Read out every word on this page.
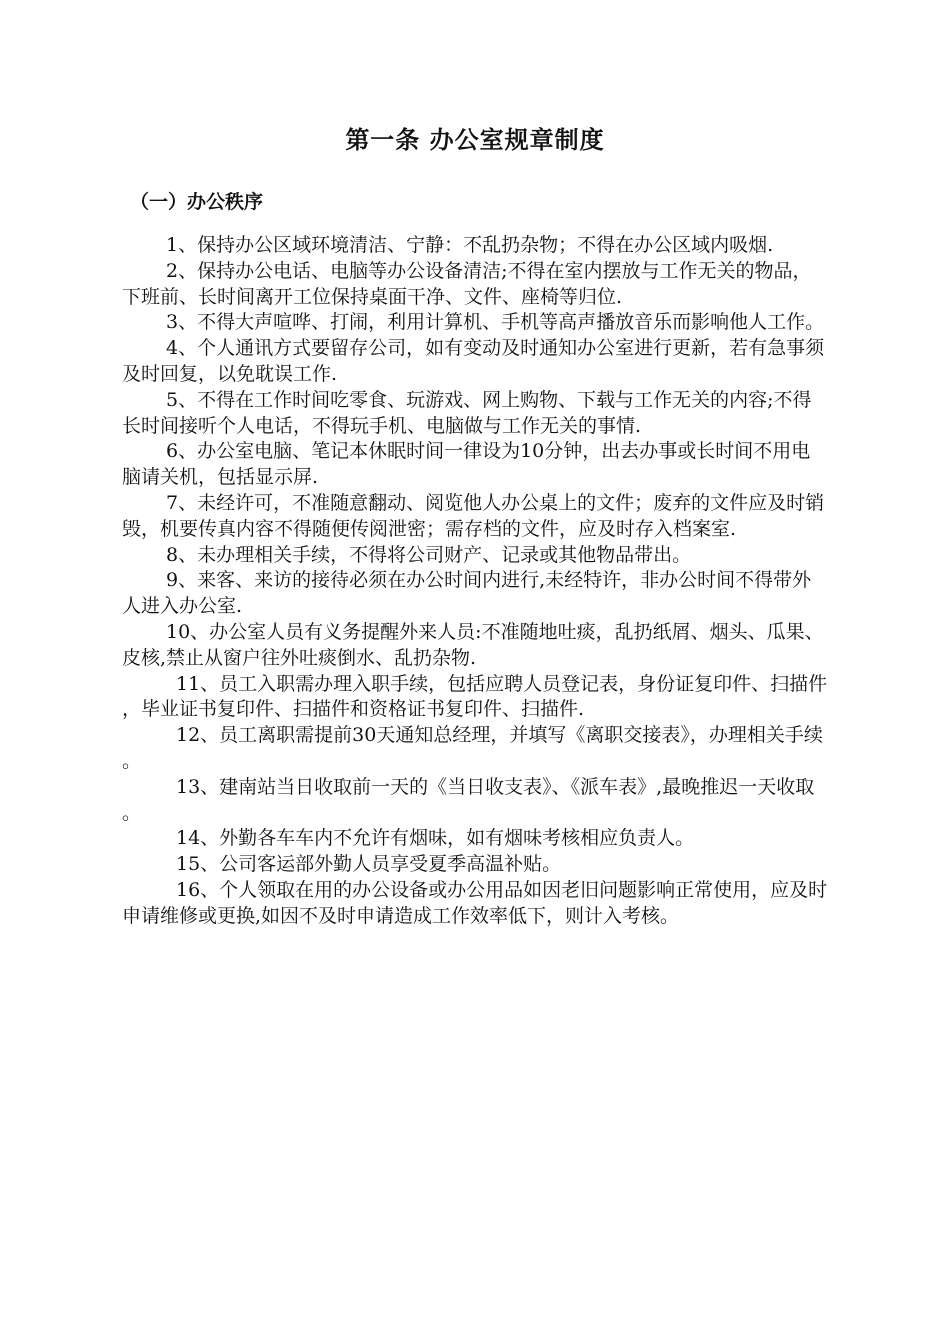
第一条 办公室规章制度
（一）办公秩序

1、保持办公区域环境清洁、宁静：不乱扔杂物；不得在办公区域内吸烟.

2、保持办公电话、电脑等办公设备清洁;不得在室内摆放与工作无关的物品，下班前、长时间离开工位保持桌面干净、文件、座椅等归位.

3、不得大声喧哗、打闹，利用计算机、手机等高声播放音乐而影响他人工作。

4、个人通讯方式要留存公司，如有变动及时通知办公室进行更新，若有急事须及时回复，以免耽误工作.

5、不得在工作时间吃零食、玩游戏、网上购物、下载与工作无关的内容;不得长时间接听个人电话，不得玩手机、电脑做与工作无关的事情.

6、办公室电脑、笔记本休眠时间一律设为10分钟，出去办事或长时间不用电脑请关机，包括显示屏.

7、未经许可，不准随意翻动、阅览他人办公桌上的文件；废弃的文件应及时销毁，机要传真内容不得随便传阅泄密；需存档的文件，应及时存入档案室.

8、未办理相关手续，不得将公司财产、记录或其他物品带出。

9、来客、来访的接待必须在办公时间内进行,未经特许，非办公时间不得带外人进入办公室.

10、办公室人员有义务提醒外来人员:不准随地吐痰，乱扔纸屑、烟头、瓜果、皮核,禁止从窗户往外吐痰倒水、乱扔杂物.

11、员工入职需办理入职手续，包括应聘人员登记表，身份证复印件、扫描件，毕业证书复印件、扫描件和资格证书复印件、扫描件.

12、员工离职需提前30天通知总经理，并填写《离职交接表》，办理相关手续。

13、建南站当日收取前一天的《当日收支表》、《派车表》,最晚推迟一天收取。

14、外勤各车车内不允许有烟味，如有烟味考核相应负责人。

15、公司客运部外勤人员享受夏季高温补贴。

16、个人领取在用的办公设备或办公用品如因老旧问题影响正常使用，应及时申请维修或更换,如因不及时申请造成工作效率低下，则计入考核。
